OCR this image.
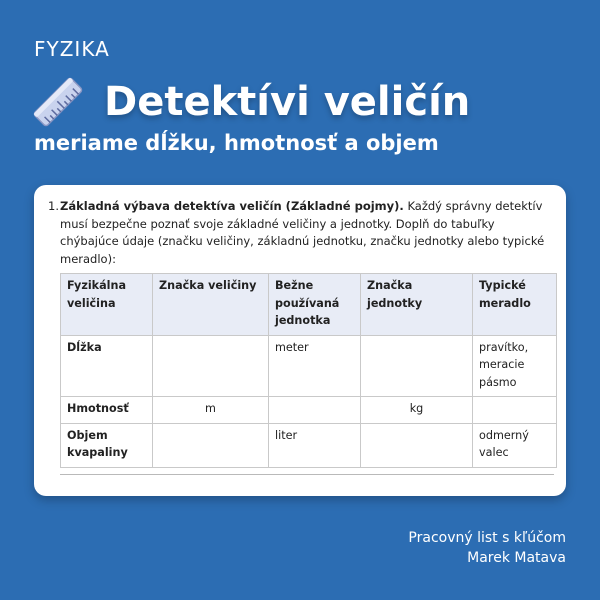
FYZIKA
Detektívi veličín
meriame dĺžku, hmotnosť a objem
1. Základná výbava detektíva veličín (Základné pojmy). Každý správny detektív musí bezpečne poznať svoje základné veličiny a jednotky. Doplň do tabuľky chýbajúce údaje (značku veličiny, základnú jednotku, značku jednotky alebo typické meradlo):
Fyzikálna veličina	Značka veličiny	Bežne používaná jednotka	Značka jednotky	Typické meradlo
Dĺžka		meter		pravítko, meracie pásmo
Hmotnosť	m		kg	
Objem kvapaliny		liter		odmerný valec
Pracovný list s kľúčom
Marek Matava
